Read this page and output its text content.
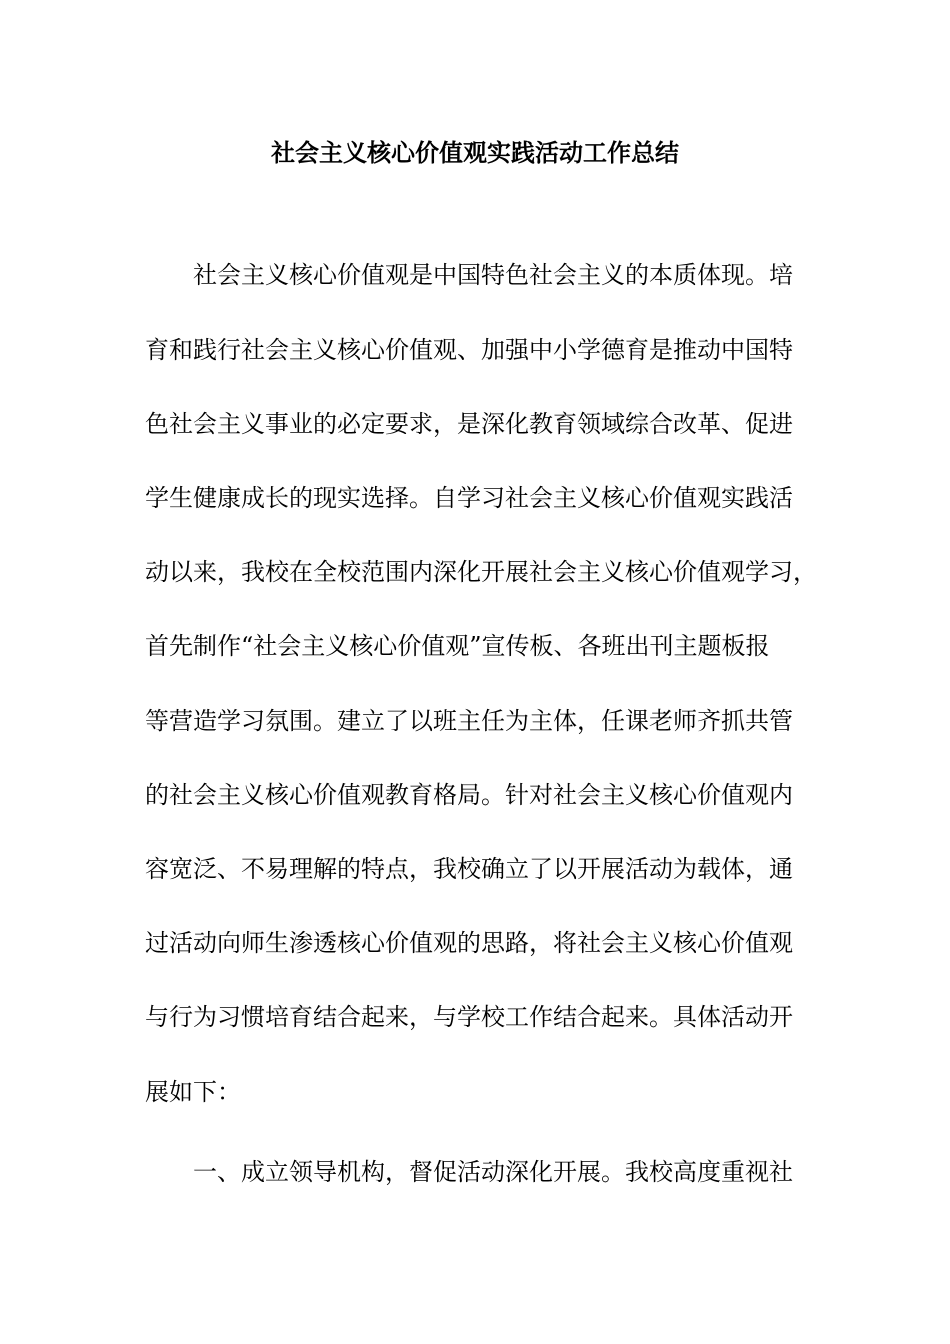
社会主义核心价值观实践活动工作总结
社会主义核心价值观是中国特色社会主义的本质体现。培
育和践行社会主义核心价值观、加强中小学德育是推动中国特
色社会主义事业的必定要求，是深化教育领域综合改革、促进
学生健康成长的现实选择。自学习社会主义核心价值观实践活
动以来，我校在全校范围内深化开展社会主义核心价值观学习，
首先制作“社会主义核心价值观”宣传板、各班出刊主题板报
等营造学习氛围。建立了以班主任为主体，任课老师齐抓共管
的社会主义核心价值观教育格局。针对社会主义核心价值观内
容宽泛、不易理解的特点，我校确立了以开展活动为载体，通
过活动向师生渗透核心价值观的思路，将社会主义核心价值观
与行为习惯培育结合起来，与学校工作结合起来。具体活动开
展如下：
一、成立领导机构，督促活动深化开展。我校高度重视社
